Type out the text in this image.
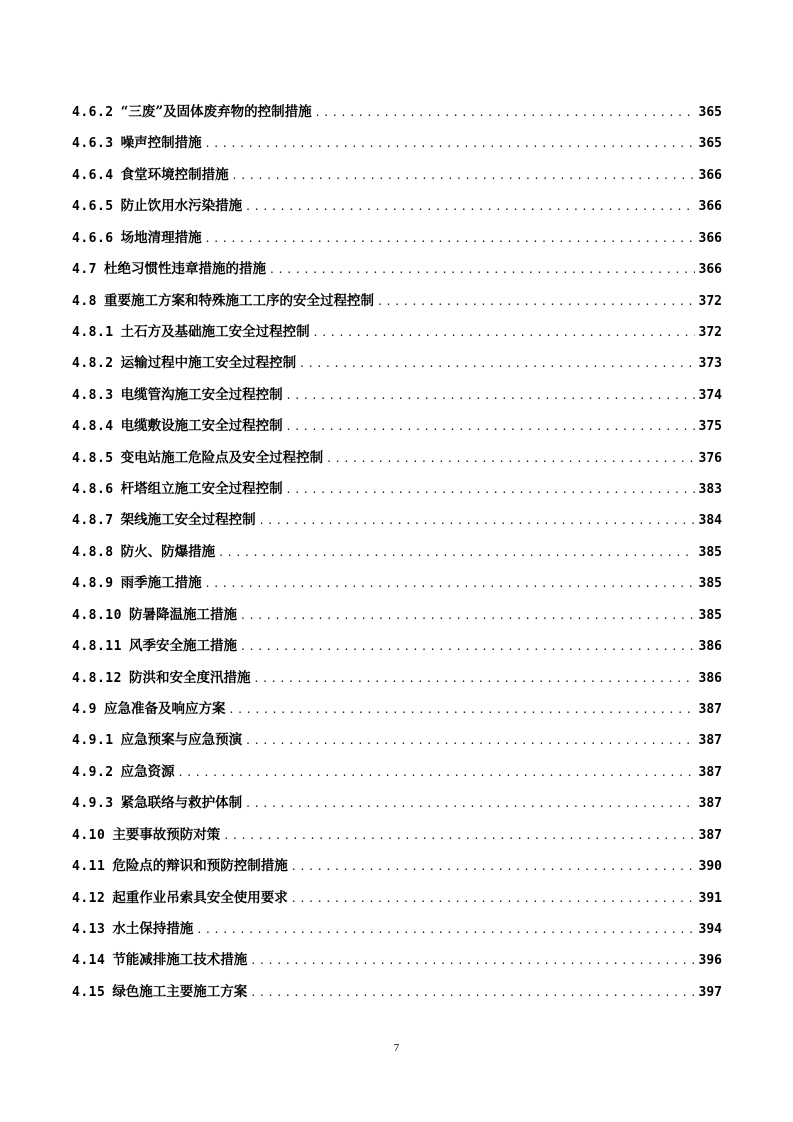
4.6.2 “三废”及固体废弃物的控制措施 . . .	365
4.6.3 噪声控制措施 . . .	365
4.6.4 食堂环境控制措施 . . .	366
4.6.5 防止饮用水污染措施 . . .	366
4.6.6 场地清理措施 . . .	366
4.7 杜绝习惯性违章措施的措施 . . .	366
4.8 重要施工方案和特殊施工工序的安全过程控制 . . .	372
4.8.1 土石方及基础施工安全过程控制 . . .	372
4.8.2 运输过程中施工安全过程控制 . . .	373
4.8.3 电缆管沟施工安全过程控制 . . .	374
4.8.4 电缆敷设施工安全过程控制 . . .	375
4.8.5 变电站施工危险点及安全过程控制 . . .	376
4.8.6 杆塔组立施工安全过程控制 . . .	383
4.8.7 架线施工安全过程控制 . . .	384
4.8.8 防火、防爆措施 . . .	385
4.8.9 雨季施工措施 . . .	385
4.8.10 防暑降温施工措施 . . .	385
4.8.11 风季安全施工措施 . . .	386
4.8.12 防洪和安全度汛措施 . . .	386
4.9 应急准备及响应方案 . . .	387
4.9.1 应急预案与应急预演 . . .	387
4.9.2 应急资源 . . .	387
4.9.3 紧急联络与救护体制 . . .	387
4.10 主要事故预防对策 . . .	387
4.11 危险点的辩识和预防控制措施 . . .	390
4.12 起重作业吊索具安全使用要求 . . .	391
4.13 水土保持措施 . . .	394
4.14 节能减排施工技术措施 . . .	396
4.15 绿色施工主要施工方案 . . .	397
7
